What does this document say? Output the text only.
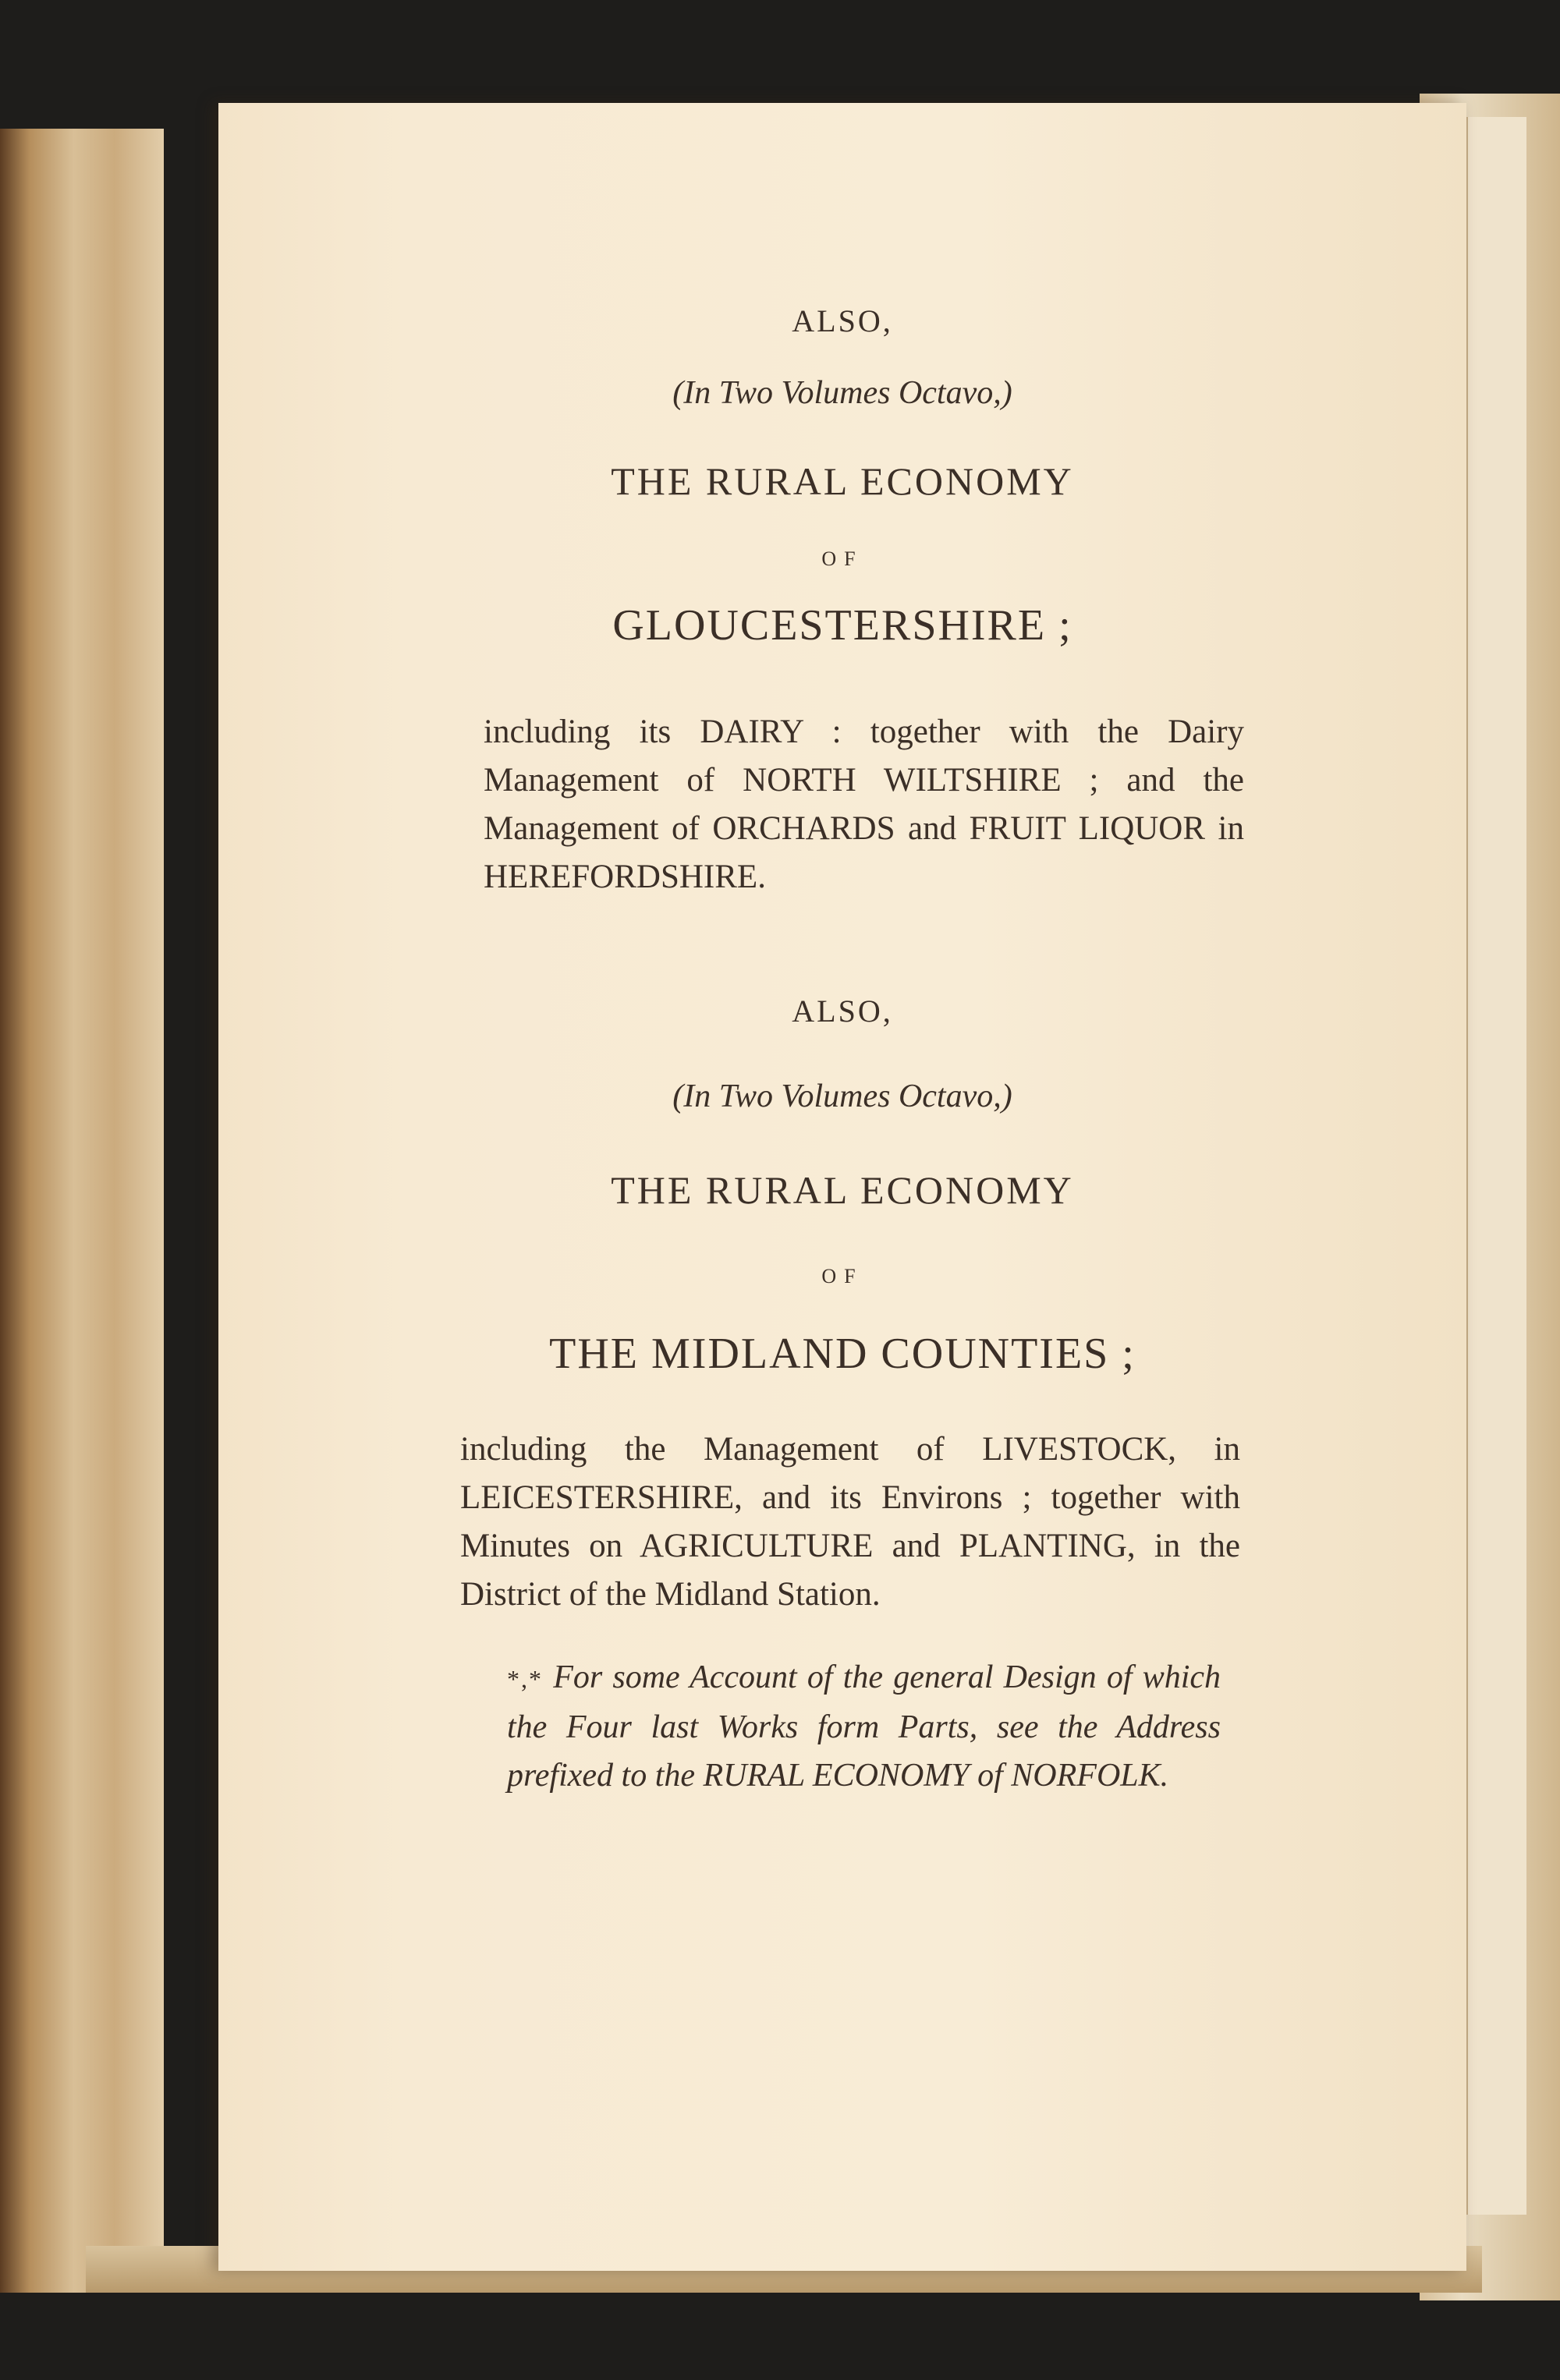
ALSO,
(In Two Volumes Octavo,)
THE RURAL ECONOMY
OF
GLOUCESTERSHIRE ;
including its DAIRY : together with the Dairy Management of NORTH WILTSHIRE ; and the Management of ORCHARDS and FRUIT LIQUOR in HEREFORDSHIRE.
ALSO,
(In Two Volumes Octavo,)
THE RURAL ECONOMY
OF
THE MIDLAND COUNTIES ;
including the Management of LIVESTOCK, in LEICESTERSHIRE, and its Environs ; together with Minutes on AGRICULTURE and PLANTING, in the District of the Midland Station.
*,* For some Account of the general Design of which the Four last Works form Parts, see the Address prefixed to the RURAL ECONOMY of NORFOLK.
